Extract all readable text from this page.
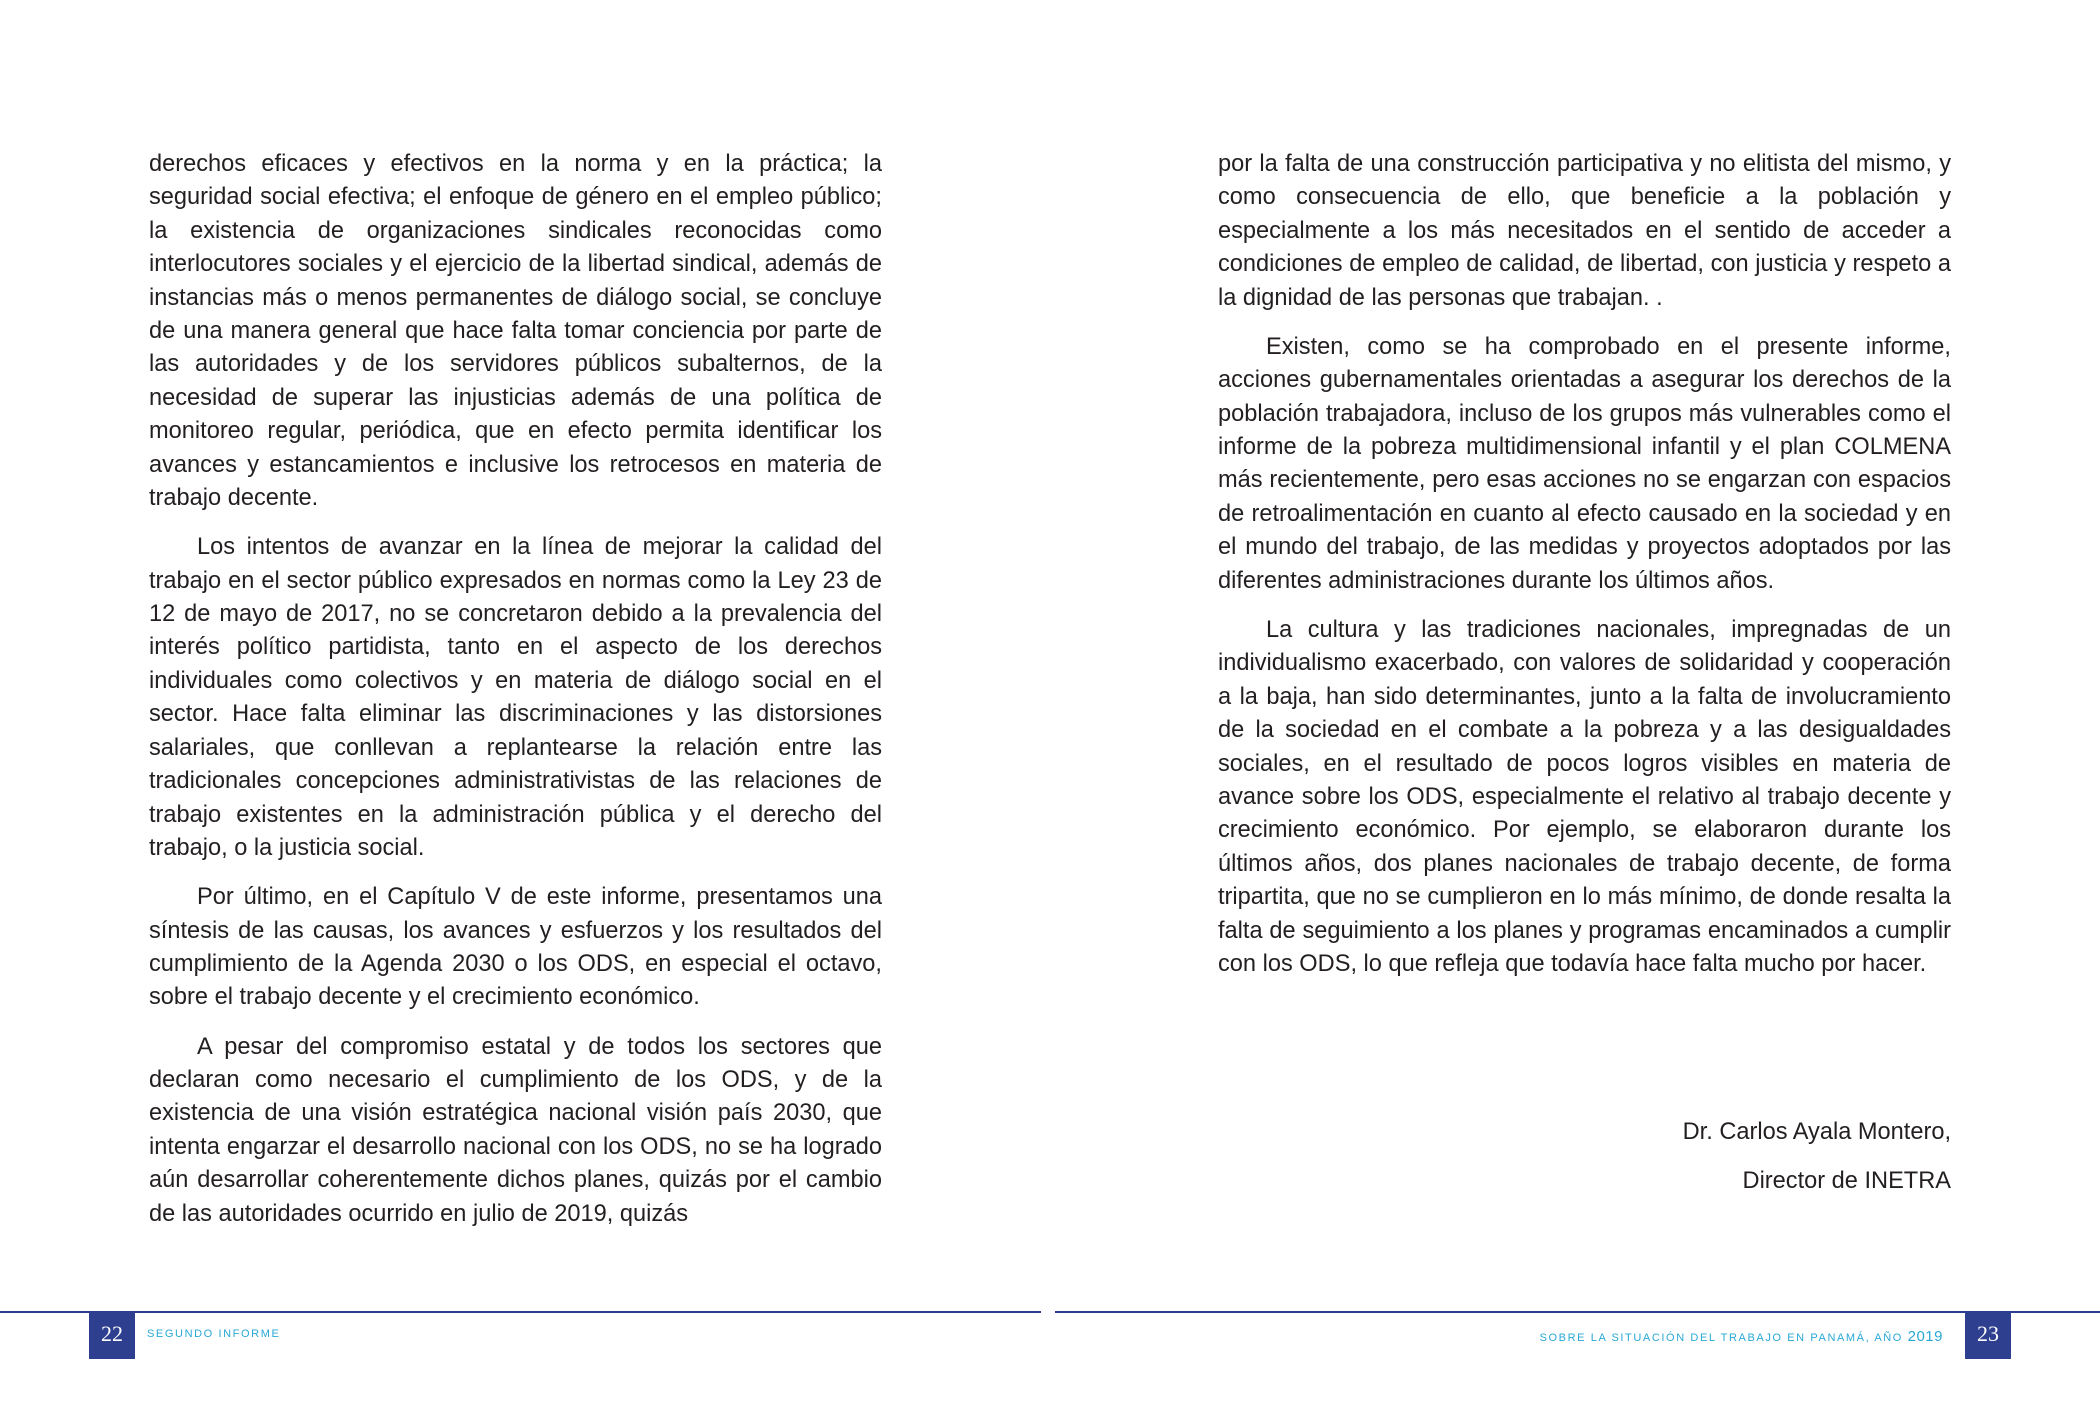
derechos eficaces y efectivos en la norma y en la práctica; la seguridad social efectiva; el enfoque de género en el empleo público; la existencia de organizaciones sindicales reconocidas como interlocutores sociales y el ejercicio de la libertad sindical, además de instancias más o menos permanentes de diálogo social, se concluye de una manera general que hace falta tomar conciencia por parte de las autoridades y de los servidores públicos subalternos, de la necesidad de superar las injusticias además de una política de monitoreo regular, periódica, que en efecto permita identificar los avances y estancamientos e inclusive los retrocesos en materia de trabajo decente.

Los intentos de avanzar en la línea de mejorar la calidad del trabajo en el sector público expresados en normas como la Ley 23 de 12 de mayo de 2017, no se concretaron debido a la prevalencia del interés político partidista, tanto en el aspecto de los derechos individuales como colectivos y en materia de diálogo social en el sector. Hace falta eliminar las discriminaciones y las distorsiones salariales, que conllevan a replantearse la relación entre las tradicionales concepciones administrativistas de las relaciones de trabajo existentes en la administración pública y el derecho del trabajo, o la justicia social.

Por último, en el Capítulo V de este informe, presentamos una síntesis de las causas, los avances y esfuerzos y los resultados del cumplimiento de la Agenda 2030 o los ODS, en especial el octavo, sobre el trabajo decente y el crecimiento económico.

A pesar del compromiso estatal y de todos los sectores que declaran como necesario el cumplimiento de los ODS, y de la existencia de una visión estratégica nacional visión país 2030, que intenta engarzar el desarrollo nacional con los ODS, no se ha logrado aún desarrollar coherentemente dichos planes, quizás por el cambio de las autoridades ocurrido en julio de 2019, quizás

22	SEGUNDO INFORME

por la falta de una construcción participativa y no elitista del mismo, y como consecuencia de ello, que beneficie a la población y especialmente a los más necesitados en el sentido de acceder a condiciones de empleo de calidad, de libertad, con justicia y respeto a la dignidad de las personas que trabajan. .

Existen, como se ha comprobado en el presente informe, acciones gubernamentales orientadas a asegurar los derechos de la población trabajadora, incluso de los grupos más vulnerables como el informe de la pobreza multidimensional infantil y el plan COLMENA más recientemente, pero esas acciones no se engarzan con espacios de retroalimentación en cuanto al efecto causado en la sociedad y en el mundo del trabajo, de las medidas y proyectos adoptados por las diferentes administraciones durante los últimos años.

La cultura y las tradiciones nacionales, impregnadas de un individualismo exacerbado, con valores de solidaridad y cooperación a la baja, han sido determinantes, junto a la falta de involucramiento de la sociedad en el combate a la pobreza y a las desigualdades sociales, en el resultado de pocos logros visibles en materia de avance sobre los ODS, especialmente el relativo al trabajo decente y crecimiento económico. Por ejemplo, se elaboraron durante los últimos años, dos planes nacionales de trabajo decente, de forma tripartita, que no se cumplieron en lo más mínimo, de donde resalta la falta de seguimiento a los planes y programas encaminados a cumplir con los ODS, lo que refleja que todavía hace falta mucho por hacer.

Dr. Carlos Ayala Montero,
Director de INETRA
SOBRE LA SITUACIÓN DEL TRABAJO EN PANAMÁ, AÑO 2019	23
